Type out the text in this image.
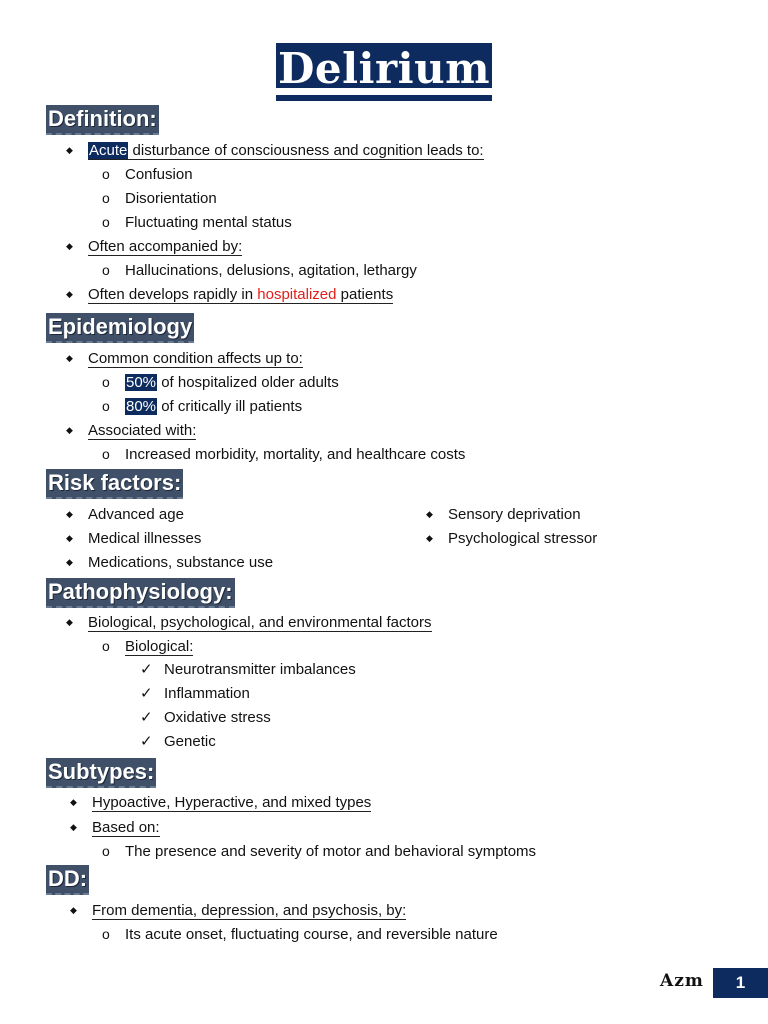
Delirium
Definition:
◆ Acute disturbance of consciousness and cognition leads to:
o Confusion
o Disorientation
o Fluctuating mental status
◆ Often accompanied by:
o Hallucinations, delusions, agitation, lethargy
◆ Often develops rapidly in hospitalized patients
Epidemiology
◆ Common condition affects up to:
o 50% of hospitalized older adults
o 80% of critically ill patients
◆ Associated with:
o Increased morbidity, mortality, and healthcare costs
Risk factors:
◆ Advanced age
◆ Medical illnesses
◆ Medications, substance use
◆ Sensory deprivation
◆ Psychological stressor
Pathophysiology:
◆ Biological, psychological, and environmental factors
o Biological:
✓ Neurotransmitter imbalances
✓ Inflammation
✓ Oxidative stress
✓ Genetic
Subtypes:
◆ Hypoactive, Hyperactive, and mixed types
◆ Based on:
o The presence and severity of motor and behavioral symptoms
DD:
◆ From dementia, depression, and psychosis, by:
o Its acute onset, fluctuating course, and reversible nature
Azm	1
